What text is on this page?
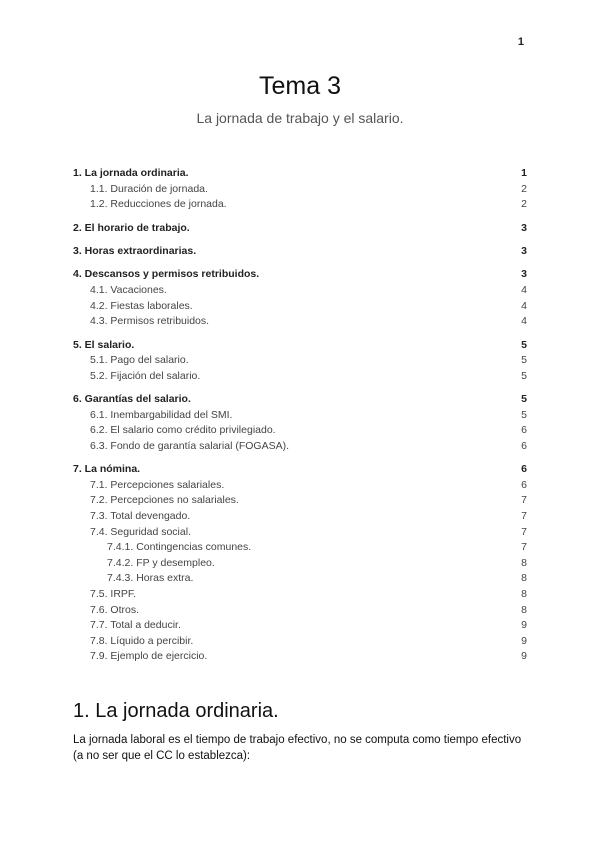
1
Tema 3
La jornada de trabajo y el salario.
1. La jornada ordinaria.	1
1.1. Duración de jornada.	2
1.2. Reducciones de jornada.	2
2. El horario de trabajo.	3
3. Horas extraordinarias.	3
4. Descansos y permisos retribuidos.	3
4.1. Vacaciones.	4
4.2. Fiestas laborales.	4
4.3. Permisos retribuidos.	4
5. El salario.	5
5.1. Pago del salario.	5
5.2. Fijación del salario.	5
6. Garantías del salario.	5
6.1. Inembargabilidad del SMI.	5
6.2. El salario como crédito privilegiado.	6
6.3. Fondo de garantía salarial (FOGASA).	6
7. La nómina.	6
7.1. Percepciones salariales.	6
7.2. Percepciones no salariales.	7
7.3. Total devengado.	7
7.4. Seguridad social.	7
7.4.1. Contingencias comunes.	7
7.4.2. FP y desempleo.	8
7.4.3. Horas extra.	8
7.5. IRPF.	8
7.6. Otros.	8
7.7. Total a deducir.	9
7.8. Líquido a percibir.	9
7.9. Ejemplo de ejercicio.	9
1. La jornada ordinaria.
La jornada laboral es el tiempo de trabajo efectivo, no se computa como tiempo efectivo (a no ser que el CC lo establezca):
